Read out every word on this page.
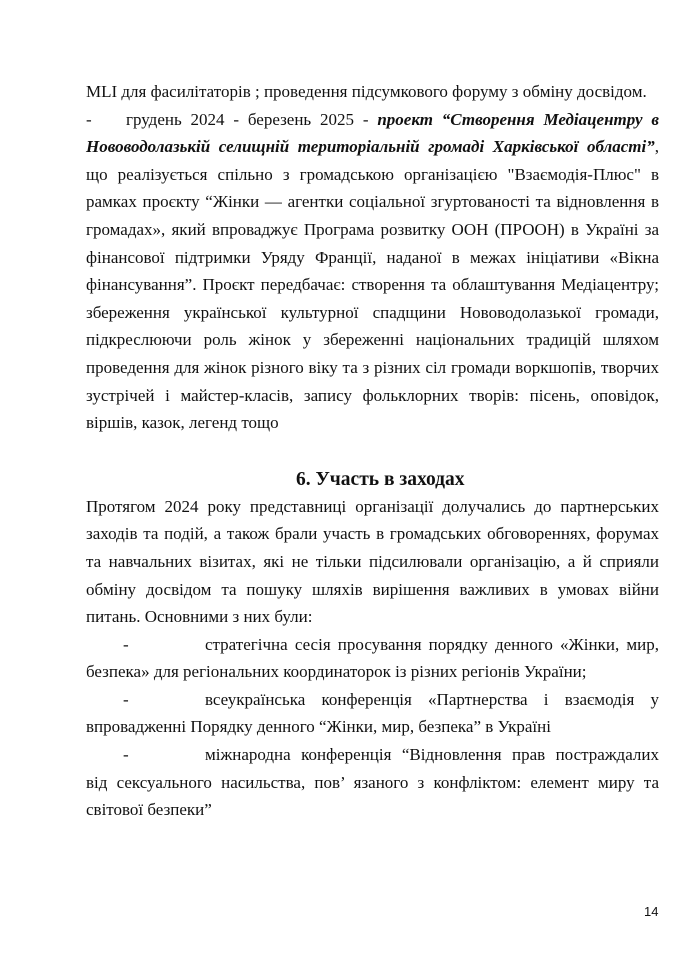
MLI для фасилітаторів ; проведення підсумкового форуму з обміну досвідом.

- грудень 2024 - березень 2025 - проект “Створення Медіацентру в Нововодолазькій селищній територіальній громаді Харківської області”, що реалізується спільно з громадською організацією "Взаємодія-Плюс" в рамках проєкту “Жінки — агентки соціальної згуртованості та відновлення в громадах», який впроваджує Програма розвитку ООН (ПРООН) в Україні за фінансової підтримки Уряду Франції, наданої в межах ініціативи «Вікна фінансування”. Проєкт передбачає: створення та облаштування Медіацентру; збереження української культурної спадщини Нововодолазької громади, підкреслюючи роль жінок у збереженні національних традицій шляхом проведення для жінок різного віку та з різних сіл громади воркшопів, творчих зустрічей і майстер-класів, запису фольклорних творів: пісень, оповідок, віршів, казок, легенд тощо

6. Участь в заходах

Протягом 2024 року представниці організації долучались до партнерських заходів та подій, а також брали участь в громадських обговореннях, форумах та навчальних візитах, які не тільки підсилювали організацію, а й сприяли обміну досвідом та пошуку шляхів вирішення важливих в умовах війни питань. Основними з них були:

-	стратегічна сесія просування порядку денного «Жінки, мир, безпека» для регіональних координаторок із різних регіонів України;

-	всеукраїнська конференція «Партнерства і взаємодія у впровадженні Порядку денного “Жінки, мир, безпека” в Україні

-	міжнародна конференція “Відновлення прав постраждалих від сексуального насильства, пов’ язаного з конфліктом: елемент миру та світової безпеки”

14
